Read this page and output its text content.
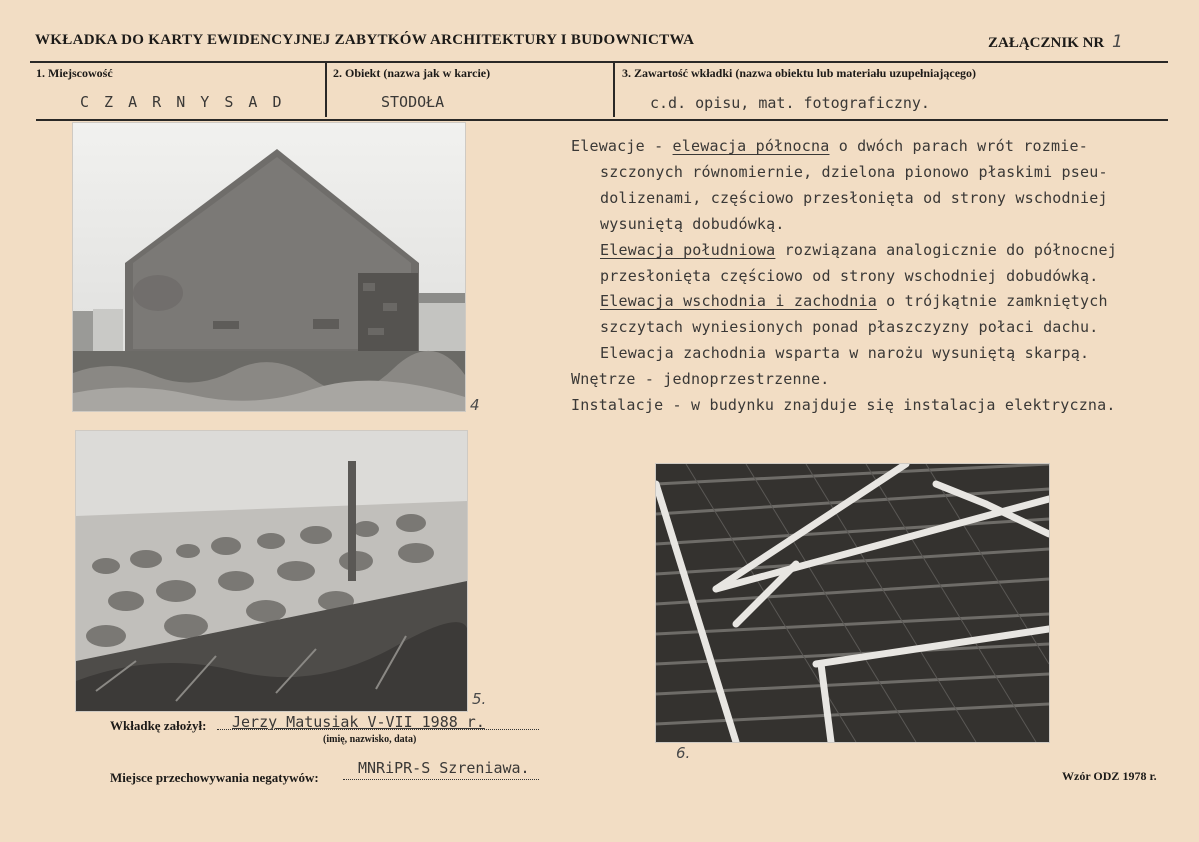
WKŁADKA DO KARTY EWIDENCYJNEJ ZABYTKÓW ARCHITEKTURY I BUDOWNICTWA	ZAŁĄCZNIK NR 1
1. Miejscowość
C Z A R N Y S A D
2. Obiekt (nazwa jak w karcie)
STODOŁA
3. Zawartość wkładki (nazwa obiektu lub materiału uzupełniającego)
c.d. opisu, mat. fotograficzny.
Elewacje - elewacja północna o dwóch parach wrót rozmie-
szczonych równomiernie, dzielona pionowo płaskimi pseu-
dolizenami, częściowo przesłonięta od strony wschodniej
wysuniętą dobudówką.
Elewacja południowa rozwiązana analogicznie do północnej
przesłonięta częściowo od strony wschodniej dobudówką.
Elewacja wschodnia i zachodnia o trójkątnie zamkniętych
szczytach wyniesionych ponad płaszczyzny połaci dachu.
Elewacja zachodnia wsparta w narożu wysuniętą skarpą.
Wnętrze - jednoprzestrzenne.
Instalacje - w budynku znajduje się instalacja elektryczna.
4
5.
6.
Wkładkę założył: Jerzy Matusiak V-VII 1988 r.
(imię, nazwisko, data)
Miejsce przechowywania negatywów:
MNRiPR-S Szreniawa.	Wzór ODZ 1978 r.
